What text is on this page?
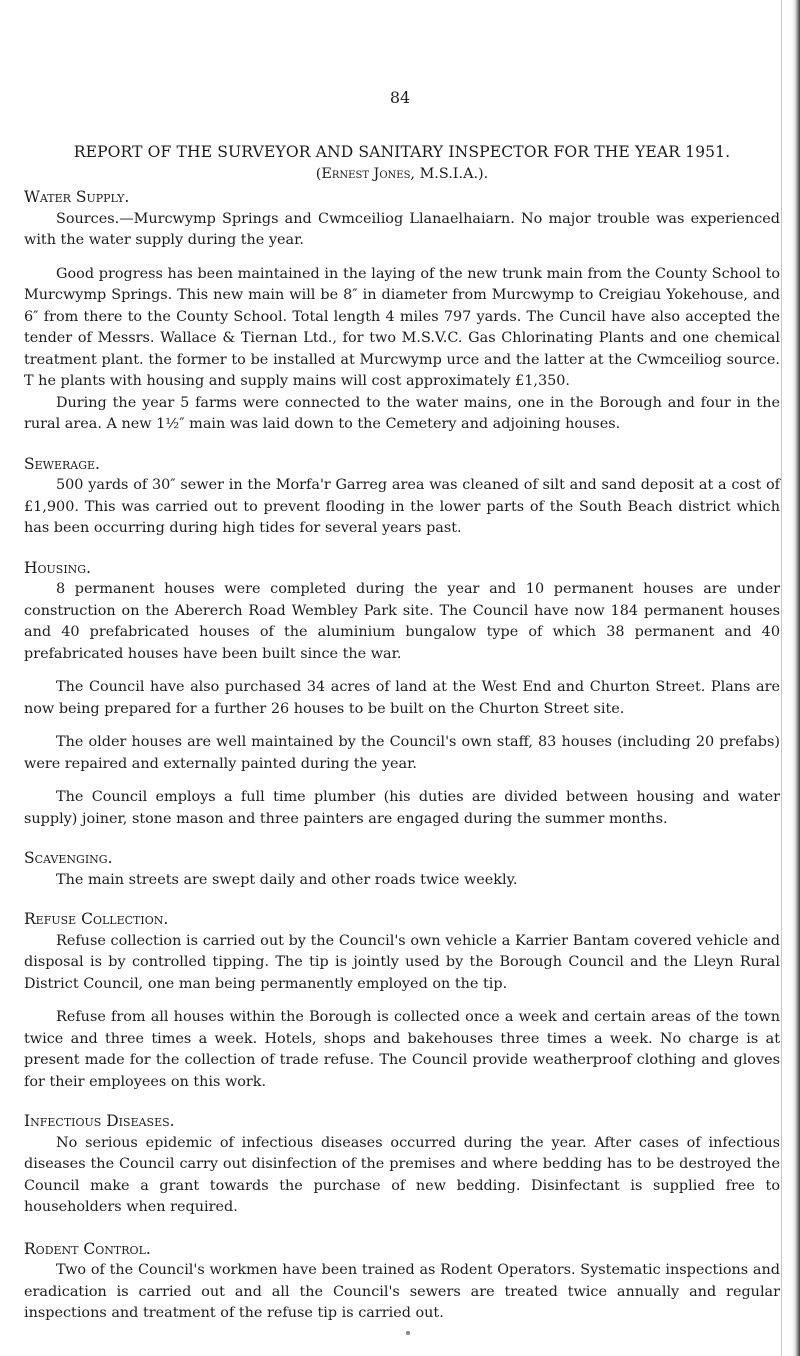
84
REPORT OF THE SURVEYOR AND SANITARY INSPECTOR FOR THE YEAR 1951.
(Ernest Jones, M.S.I.A.).
Water Supply.

Sources.—Murcwymp Springs and Cwmceiliog Llanaelhaiarn. No major trouble was experienced with the water supply during the year.

Good progress has been maintained in the laying of the new trunk main from the County School to Murcwymp Springs. This new main will be 8″ in diameter from Murcwymp to Creigiau Yokehouse, and 6″ from there to the County School. Total length 4 miles 797 yards. The Cuncil have also accepted the tender of Messrs. Wallace & Tiernan Ltd., for two M.S.V.C. Gas Chlorinating Plants and one chemical treatment plant. the former to be installed at Murcwymp urce and the latter at the Cwmceiliog source. T he plants with housing and supply mains will cost approximately £1,350.

During the year 5 farms were connected to the water mains, one in the Borough and four in the rural area. A new 1½″ main was laid down to the Cemetery and adjoining houses.

Sewerage.

500 yards of 30″ sewer in the Morfa'r Garreg area was cleaned of silt and sand deposit at a cost of £1,900. This was carried out to prevent flooding in the lower parts of the South Beach district which has been occurring during high tides for several years past.

Housing.

8 permanent houses were completed during the year and 10 permanent houses are under construction on the Abererch Road Wembley Park site. The Council have now 184 permanent houses and 40 prefabricated houses of the aluminium bungalow type of which 38 permanent and 40 prefabricated houses have been built since the war.

The Council have also purchased 34 acres of land at the West End and Churton Street. Plans are now being prepared for a further 26 houses to be built on the Churton Street site.

The older houses are well maintained by the Council's own staff, 83 houses (including 20 prefabs) were repaired and externally painted during the year.

The Council employs a full time plumber (his duties are divided between housing and water supply) joiner, stone mason and three painters are engaged during the summer months.

Scavenging.

The main streets are swept daily and other roads twice weekly.

Refuse Collection.

Refuse collection is carried out by the Council's own vehicle a Karrier Bantam covered vehicle and disposal is by controlled tipping. The tip is jointly used by the Borough Council and the Lleyn Rural District Council, one man being permanently employed on the tip.

Refuse from all houses within the Borough is collected once a week and certain areas of the town twice and three times a week. Hotels, shops and bakehouses three times a week. No charge is at present made for the collection of trade refuse. The Council provide weatherproof clothing and gloves for their employees on this work.

Infectious Diseases.

No serious epidemic of infectious diseases occurred during the year. After cases of infectious diseases the Council carry out disinfection of the premises and where bedding has to be destroyed the Council make a grant towards the purchase of new bedding. Disinfectant is supplied free to householders when required.

Rodent Control.

Two of the Council's workmen have been trained as Rodent Operators. Systematic inspections and eradication is carried out and all the Council's sewers are treated twice annually and regular inspections and treatment of the refuse tip is carried out.
